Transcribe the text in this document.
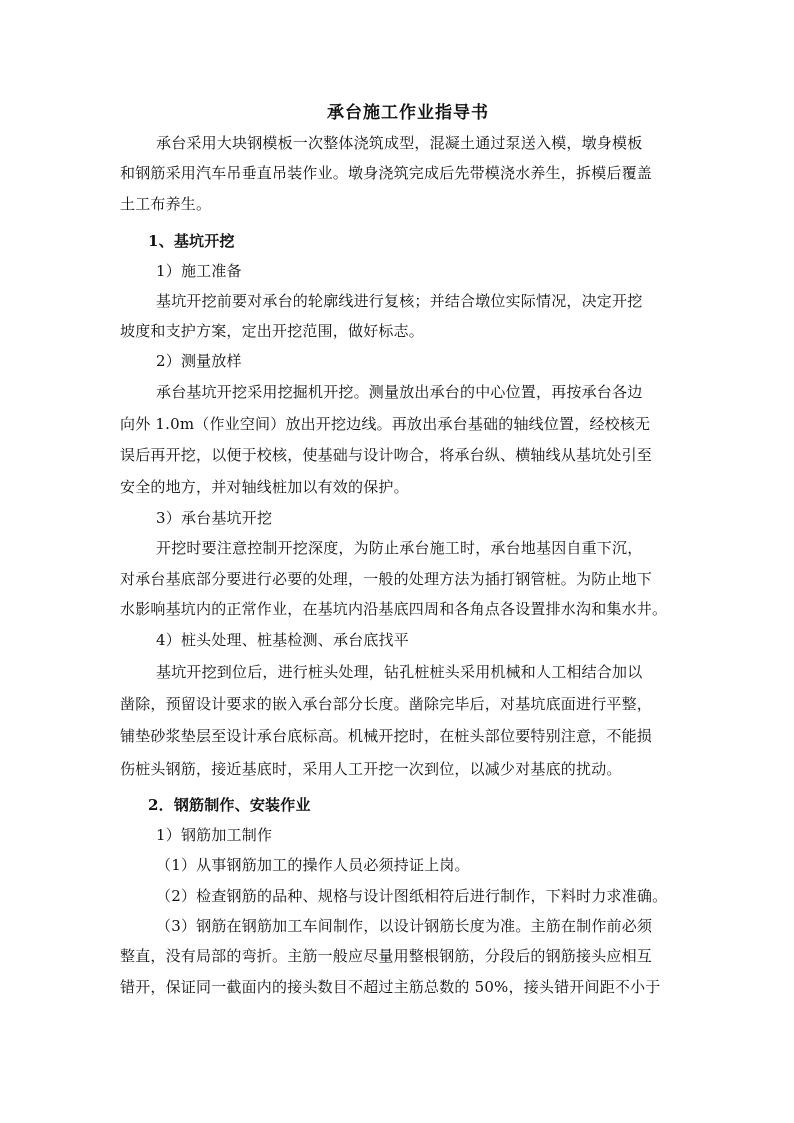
承台施工作业指导书
承台采用大块钢模板一次整体浇筑成型，混凝土通过泵送入模，墩身模板
和钢筋采用汽车吊垂直吊装作业。墩身浇筑完成后先带模浇水养生，拆模后覆盖
土工布养生。
1、基坑开挖
1）施工准备
基坑开挖前要对承台的轮廓线进行复核；并结合墩位实际情况，决定开挖
坡度和支护方案，定出开挖范围，做好标志。
2）测量放样
承台基坑开挖采用挖掘机开挖。测量放出承台的中心位置，再按承台各边
向外 1.0m（作业空间）放出开挖边线。再放出承台基础的轴线位置，经校核无
误后再开挖，以便于校核，使基础与设计吻合，将承台纵、横轴线从基坑处引至
安全的地方，并对轴线桩加以有效的保护。
3）承台基坑开挖
开挖时要注意控制开挖深度，为防止承台施工时，承台地基因自重下沉，
对承台基底部分要进行必要的处理，一般的处理方法为插打钢管桩。为防止地下
水影响基坑内的正常作业，在基坑内沿基底四周和各角点各设置排水沟和集水井。
4）桩头处理、桩基检测、承台底找平
基坑开挖到位后，进行桩头处理，钻孔桩桩头采用机械和人工相结合加以
凿除，预留设计要求的嵌入承台部分长度。凿除完毕后，对基坑底面进行平整，
铺垫砂浆垫层至设计承台底标高。机械开挖时，在桩头部位要特别注意，不能损
伤桩头钢筋，接近基底时，采用人工开挖一次到位，以减少对基底的扰动。
2．钢筋制作、安装作业
1）钢筋加工制作
（1）从事钢筋加工的操作人员必须持证上岗。
（2）检查钢筋的品种、规格与设计图纸相符后进行制作，下料时力求准确。
（3）钢筋在钢筋加工车间制作，以设计钢筋长度为准。主筋在制作前必须
整直，没有局部的弯折。主筋一般应尽量用整根钢筋，分段后的钢筋接头应相互
错开，保证同一截面内的接头数目不超过主筋总数的 50%，接头错开间距不小于
